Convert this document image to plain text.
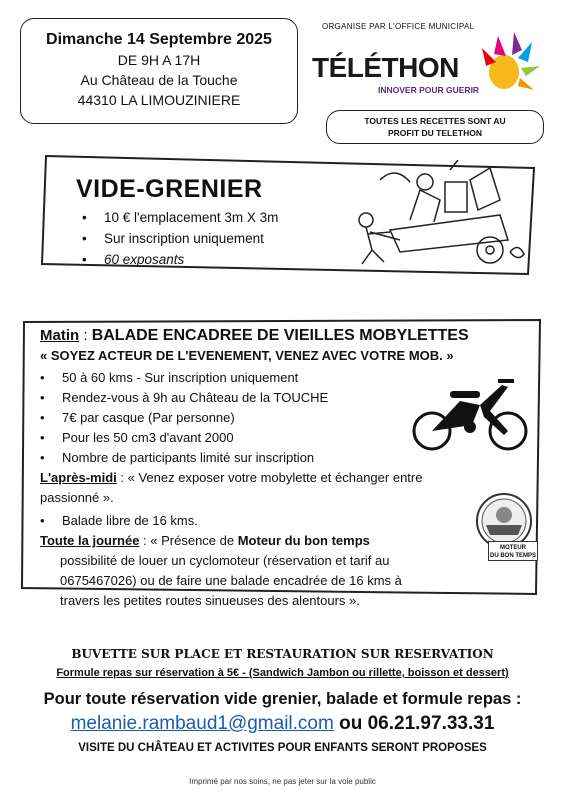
Dimanche 14 Septembre 2025
DE 9H A 17H
Au Château de la Touche
44310 LA LIMOUZINIERE
ORGANISE PAR L'OFFICE MUNICIPAL
TÉLÉTHON
INNOVER POUR GUERIR
TOUTES LES RECETTES SONT AU
PROFIT DU TELETHON
VIDE-GRENIER
• 10 € l'emplacement 3m X 3m
• Sur inscription uniquement
• 60 exposants
Matin : BALADE ENCADREE DE VIEILLES MOBYLETTES
« SOYEZ ACTEUR DE L'EVENEMENT, VENEZ AVEC VOTRE MOB. »
• 50 à 60 kms - Sur inscription uniquement
• Rendez-vous à 9h au Château de la TOUCHE
• 7€ par casque (Par personne)
• Pour les 50 cm3 d'avant 2000
• Nombre de participants limité sur inscription
L'après-midi : « Venez exposer votre mobylette et échanger entre
passionné ».
• Balade libre de 16 kms.
Toute la journée : « Présence de Moteur du bon temps
possibilité de louer un cyclomoteur (réservation et tarif au
0675467026) ou de faire une balade encadrée de 16 kms à
travers les petites routes sinueuses des alentours ».
MOTEUR
DU BON TEMPS
BUVETTE SUR PLACE ET RESTAURATION SUR RESERVATION
Formule repas sur réservation à 5€ - (Sandwich Jambon ou rillette, boisson et dessert)
Pour toute réservation vide grenier, balade et formule repas :
melanie.rambaud1@gmail.com ou 06.21.97.33.31
VISITE DU CHÂTEAU ET ACTIVITES POUR ENFANTS SERONT PROPOSES
Imprimé par nos soins, ne pas jeter sur la voie public
